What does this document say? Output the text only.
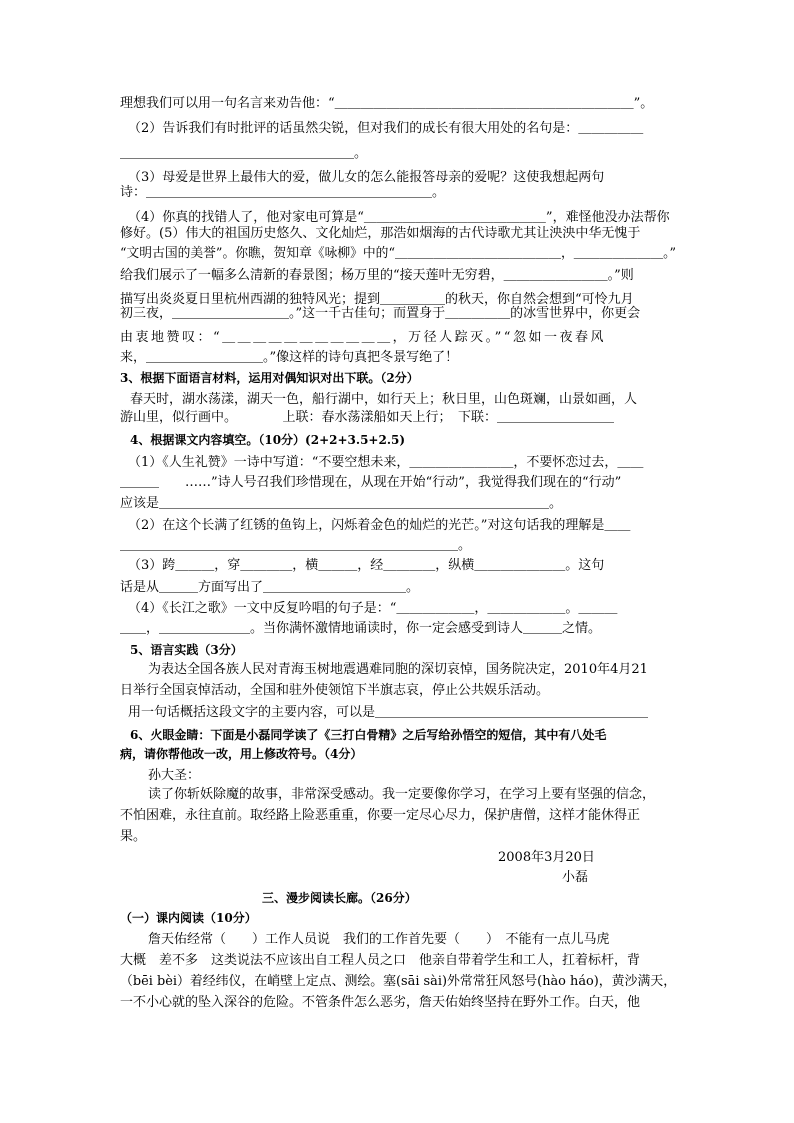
理想我们可以用一句名言来劝告他：“＿＿＿＿＿＿＿＿＿＿＿＿＿＿＿＿＿＿＿＿＿＿＿”。
（2）告诉我们有时批评的话虽然尖锐，但对我们的成长有很大用处的名句是：＿＿＿＿＿
＿＿＿＿＿＿＿＿＿＿＿＿＿＿＿＿＿＿。
（3）母爱是世界上最伟大的爱，做儿女的怎么能报答母亲的爱呢？这使我想起两句
诗：＿＿＿＿＿＿＿＿＿＿＿＿＿＿＿＿＿＿＿＿＿＿。
（4）你真的找错人了，他对家电可算是“＿＿＿＿＿＿＿＿＿＿＿＿＿＿”，难怪他没办法帮你
修好。(5）伟大的祖国历史悠久、文化灿烂，那浩如烟海的古代诗歌尤其让泱泱中华无愧于
“文明古国的美誉”。你瞧，贺知章《咏柳》中的“＿＿＿＿＿＿＿＿＿＿＿＿＿，＿＿＿＿＿＿＿。”
给我们展示了一幅多么清新的春景图；杨万里的“接天莲叶无穷碧，＿＿＿＿＿＿＿＿。”则
描写出炎炎夏日里杭州西湖的独特风光；提到＿＿＿＿＿的秋天，你自然会想到“可怜九月
初三夜，＿＿＿＿＿＿＿＿＿。”这一千古佳句；而置身于＿＿＿＿＿的冰雪世界中，你更会
由衷地赞叹：“＿＿＿＿＿＿＿＿＿＿＿，万径人踪灭。”“忽如一夜春风
来，＿＿＿＿＿＿＿＿＿。”像这样的诗句真把冬景写绝了！
3、根据下面语言材料，运用对偶知识对出下联。（2分）
春天时，湖水荡漾，湖天一色，船行湖中，如行天上；秋日里，山色斑斓，山景如画，人
游山里，似行画中。　　　　上联：春水荡漾船如天上行；　下联：＿＿＿＿＿＿＿＿＿
4、根据课文内容填空。（10分）(2+2+3.5+2.5)
（1）《人生礼赞》一诗中写道：“不要空想未来，＿＿＿＿＿＿＿＿，不要怀恋过去，＿＿
＿＿＿　　……”诗人号召我们珍惜现在，从现在开始“行动”，我觉得我们现在的“行动”
应该是＿＿＿＿＿＿＿＿＿＿＿＿＿＿＿＿＿＿＿＿＿＿＿＿＿＿＿＿＿＿。
（2）在这个长满了红锈的鱼钩上，闪烁着金色的灿烂的光芒。”对这句话我的理解是＿＿
＿＿＿＿＿＿＿＿＿＿＿＿＿＿＿＿＿＿＿＿＿＿＿＿＿＿。
（3）跨＿＿＿，穿＿＿＿＿，横＿＿＿，经＿＿＿＿，纵横＿＿＿＿＿＿＿。这句
话是从＿＿＿方面写出了＿＿＿＿＿＿＿＿＿＿＿。
（4）《长江之歌》一文中反复吟唱的句子是：“＿＿＿＿＿＿，＿＿＿＿＿＿。＿＿＿
＿＿，＿＿＿＿＿＿＿。当你满怀激情地诵读时，你一定会感受到诗人＿＿＿之情。
5、语言实践（3分）
为表达全国各族人民对青海玉树地震遇难同胞的深切哀悼，国务院决定，2010年4月21
日举行全国哀悼活动，全国和驻外使领馆下半旗志哀，停止公共娱乐活动。
用一句话概括这段文字的主要内容，可以是＿＿＿＿＿＿＿＿＿＿＿＿＿＿＿＿＿＿＿＿＿
6、火眼金睛：下面是小磊同学读了《三打白骨精》之后写给孙悟空的短信，其中有八处毛
病，请你帮他改一改，用上修改符号。（4分）
孙大圣：
读了你斩妖除魔的故事，非常深受感动。我一定要像你学习，在学习上要有坚强的信念，
不怕困难，永往直前。取经路上险恶重重，你要一定尽心尽力，保护唐僧，这样才能休得正
果。
2008年3月20日
小磊
三、漫步阅读长廊。（26分）
（一）课内阅读（10分）
詹天佑经常（　　）工作人员说　我们的工作首先要（　　）　不能有一点儿马虎
大概　差不多　这类说法不应该出自工程人员之口　他亲自带着学生和工人，扛着标杆，背
（bēi bèi）着经纬仪，在峭壁上定点、测绘。塞(sāi sài)外常常狂风怒号(hào háo)，黄沙满天，
一不小心就的坠入深谷的危险。不管条件怎么恶劣，詹天佑始终坚持在野外工作。白天，他
